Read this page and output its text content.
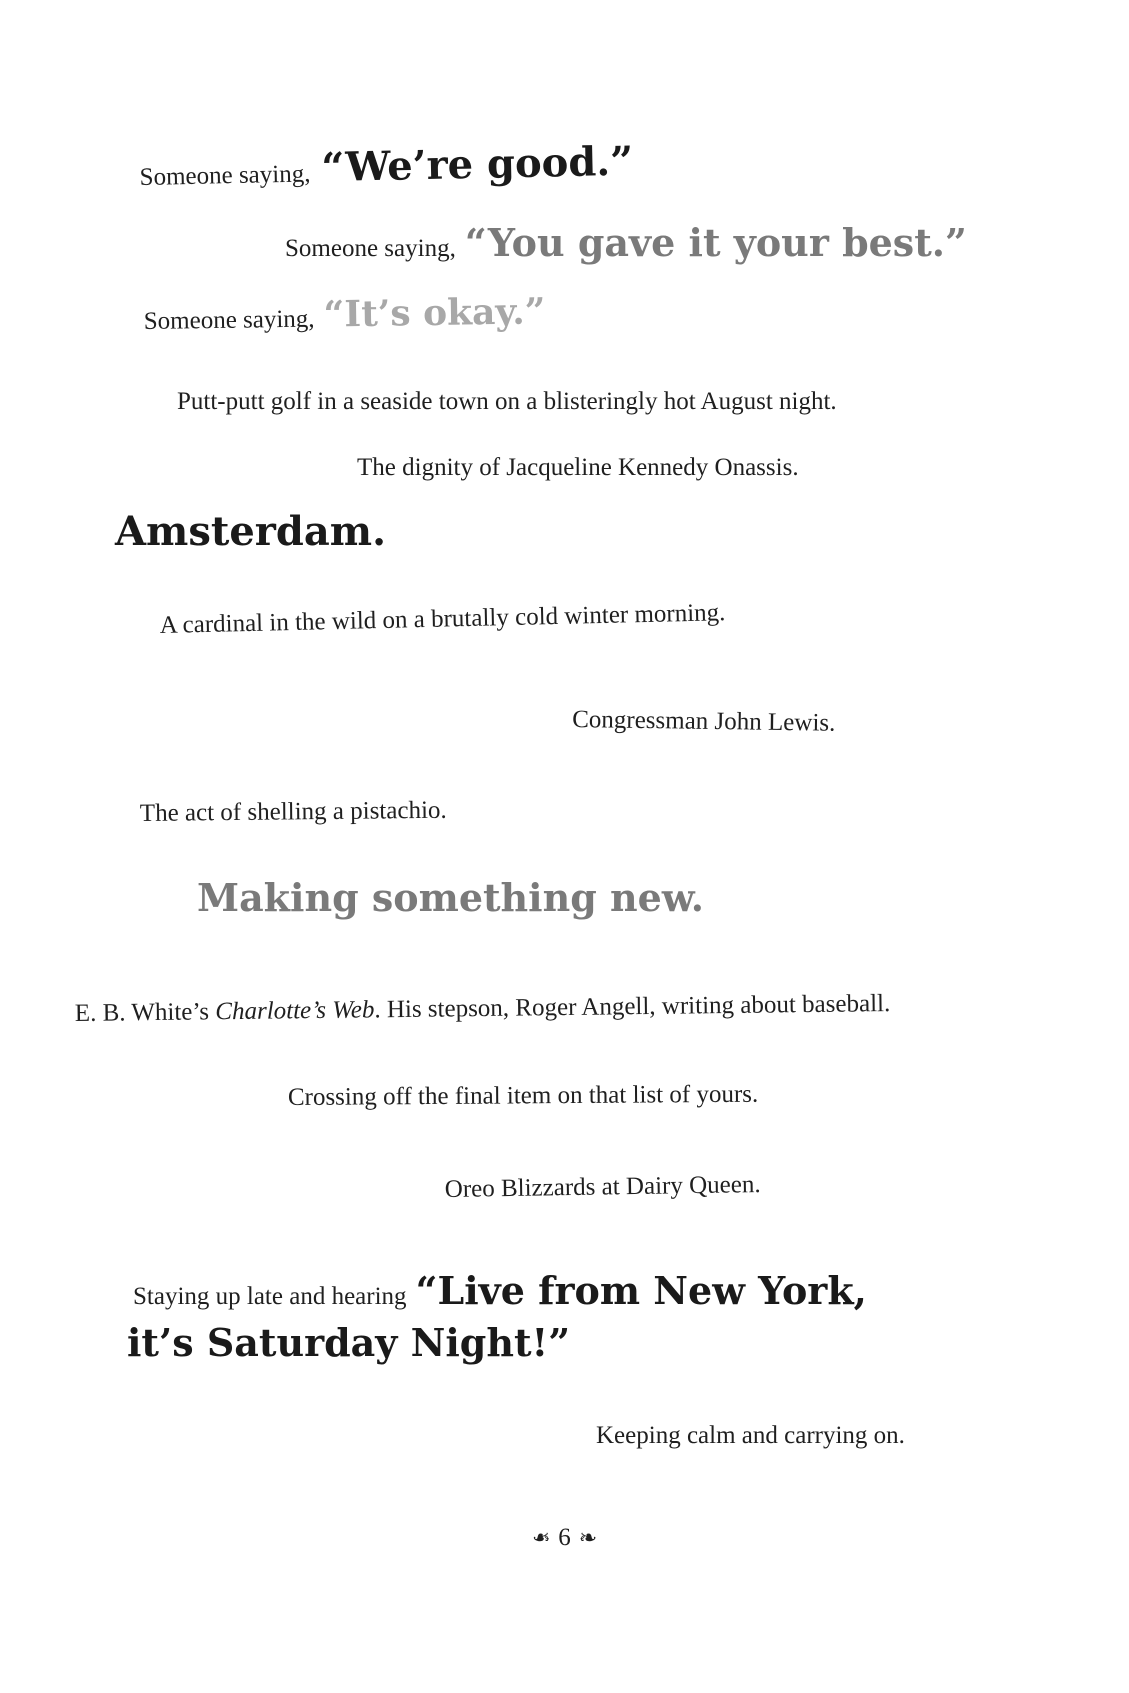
Someone saying, “We’re good.”
Someone saying, “You gave it your best.”
Someone saying, “It’s okay.”
Putt-putt golf in a seaside town on a blisteringly hot August night.
The dignity of Jacqueline Kennedy Onassis.
Amsterdam.
A cardinal in the wild on a brutally cold winter morning.
Congressman John Lewis.
The act of shelling a pistachio.
Making something new.
E. B. White’s Charlotte’s Web. His stepson, Roger Angell, writing about baseball.
Crossing off the final item on that list of yours.
Oreo Blizzards at Dairy Queen.
Staying up late and hearing “Live from New York,
it’s Saturday Night!”
Keeping calm and carrying on.
❧ 6 ❧
